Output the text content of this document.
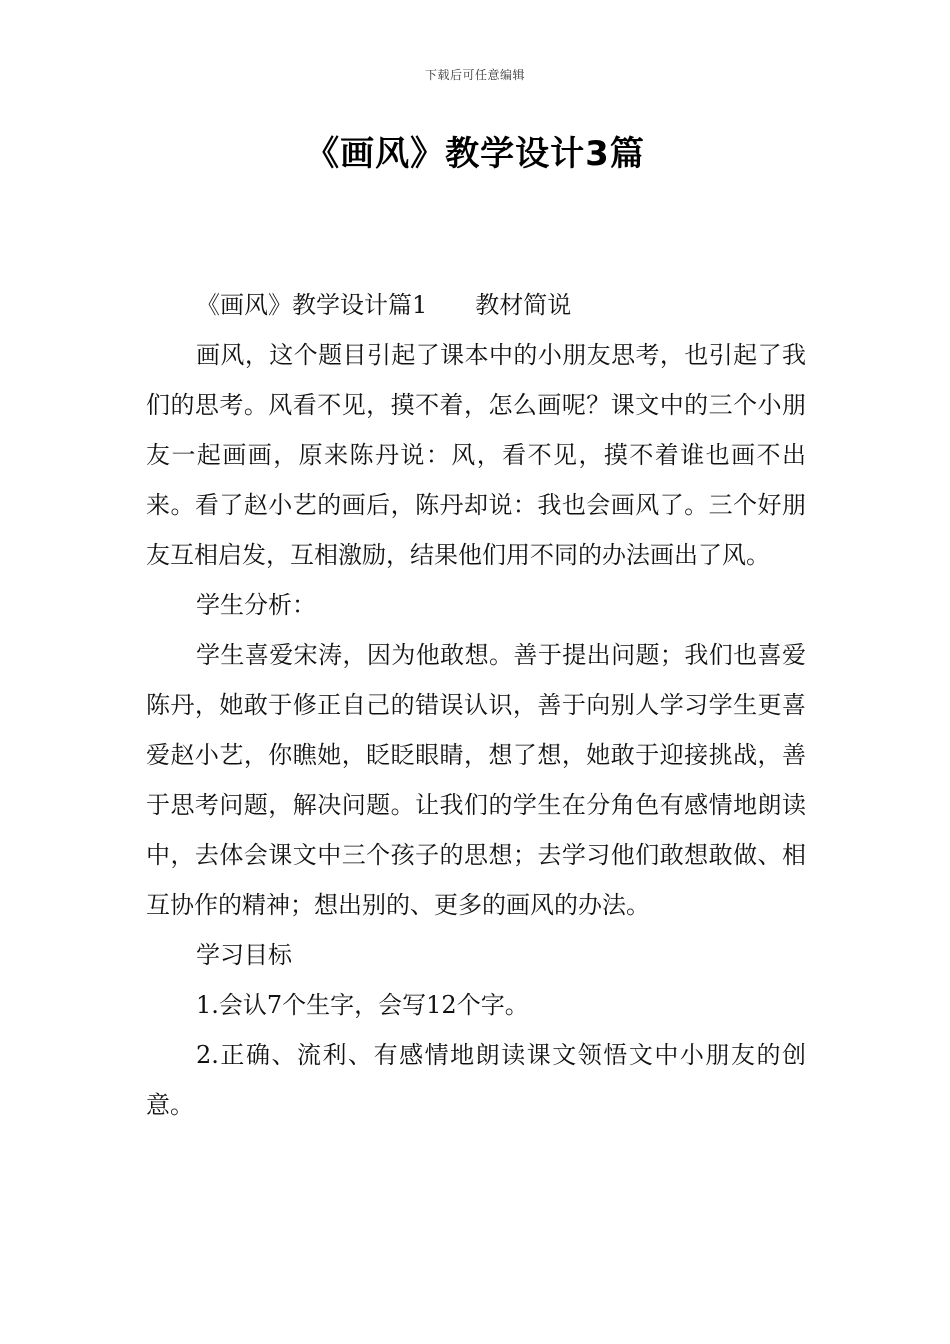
下载后可任意编辑
《画风》教学设计3篇

《画风》教学设计篇1　　教材简说

画风，这个题目引起了课本中的小朋友思考，也引起了我们的思考。风看不见，摸不着，怎么画呢？课文中的三个小朋友一起画画，原来陈丹说：风，看不见，摸不着谁也画不出来。看了赵小艺的画后，陈丹却说：我也会画风了。三个好朋友互相启发，互相激励，结果他们用不同的办法画出了风。

学生分析：

学生喜爱宋涛，因为他敢想。善于提出问题；我们也喜爱陈丹，她敢于修正自己的错误认识，善于向别人学习学生更喜爱赵小艺，你瞧她，眨眨眼睛，想了想，她敢于迎接挑战，善于思考问题，解决问题。让我们的学生在分角色有感情地朗读中，去体会课文中三个孩子的思想；去学习他们敢想敢做、相互协作的精神；想出别的、更多的画风的办法。

学习目标

1.会认7个生字，会写12个字。

2.正确、流利、有感情地朗读课文领悟文中小朋友的创意。
